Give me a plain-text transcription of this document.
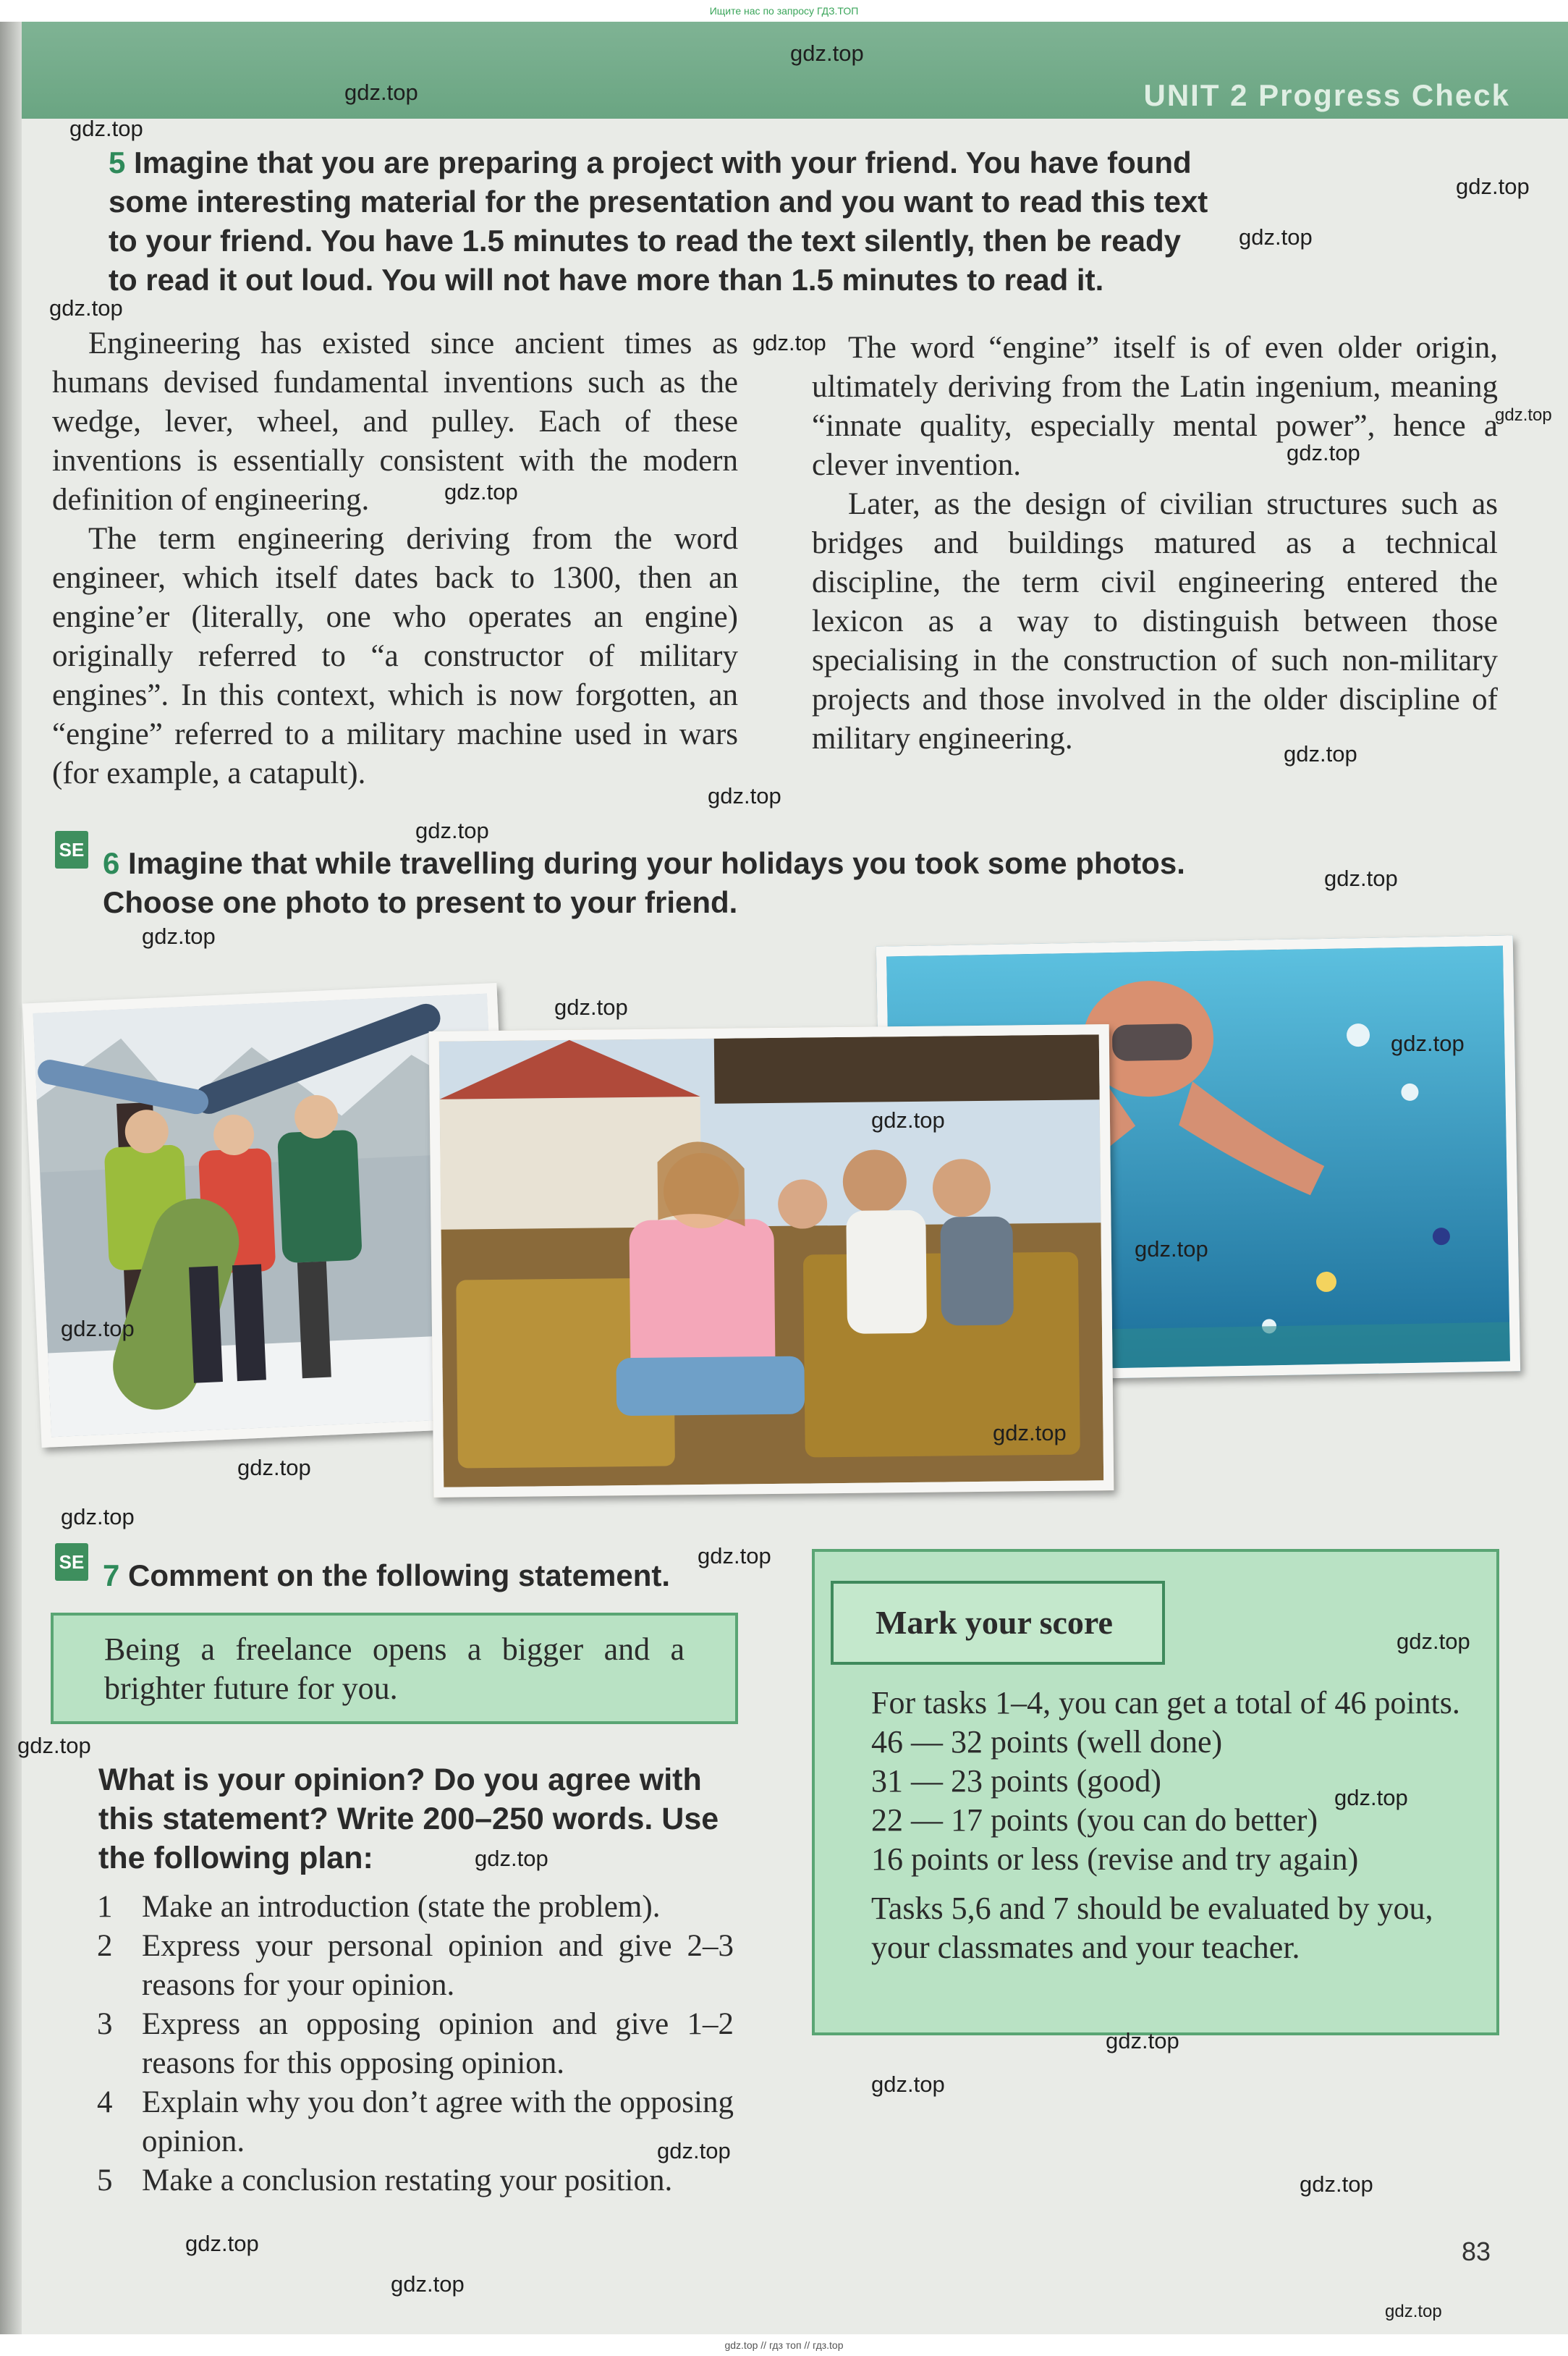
Ищите нас по запросу ГДЗ.ТОП
UNIT 2 Progress Check
5 Imagine that you are preparing a project with your friend. You have found some interesting material for the presentation and you want to read this text to your friend. You have 1.5 minutes to read the text silently, then be ready to read it out loud. You will not have more than 1.5 minutes to read it.

Engineering has existed since ancient times as humans devised fundamental inventions such as the wedge, lever, wheel, and pulley. Each of these inventions is essentially consistent with the modern definition of engineering.

The term engineering deriving from the word engineer, which itself dates back to 1300, then an engine’er (literally, one who operates an engine) originally referred to “a constructor of military engines”. In this context, which is now forgotten, an “engine” referred to a military machine used in wars (for example, a catapult).

The word “engine” itself is of even older origin, ultimately deriving from the Latin ingenium, meaning “innate quality, especially mental power”, hence a clever invention.

Later, as the design of civilian structures such as bridges and buildings matured as a technical discipline, the term civil engineering entered the lexicon as a way to distinguish between those specialising in the construction of such non-military projects and those involved in the older discipline of military engineering.

SE 6 Imagine that while travelling during your holidays you took some photos. Choose one photo to present to your friend.
SE 7 Comment on the following statement.
Being a freelance opens a bigger and a brighter future for you.
What is your opinion? Do you agree with this statement? Write 200–250 words. Use the following plan:
1 Make an introduction (state the problem).
2 Express your personal opinion and give 2–3 reasons for your opinion.
3 Express an opposing opinion and give 1–2 reasons for this opposing opinion.
4 Explain why you don’t agree with the opposing opinion.
5 Make a conclusion restating your position.
Mark your score
For tasks 1–4, you can get a total of 46 points.
46 — 32 points (well done)
31 — 23 points (good)
22 — 17 points (you can do better)
16 points or less (revise and try again)
Tasks 5,6 and 7 should be evaluated by you, your classmates and your teacher.
83
gdz.top
gdz.top
gdz.top
gdz.top
gdz.top
gdz.top
gdz.top
gdz.top
gdz.top
gdz.top
gdz.top
gdz.top
gdz.top
gdz.top
gdz.top
gdz.top
gdz.top
gdz.top
gdz.top
gdz.top
gdz.top
gdz.top
gdz.top
gdz.top
gdz.top
gdz.top
gdz.top
gdz.top
gdz.top
gdz.top
gdz.top
gdz.top
gdz.top
gdz.top
gdz.top
gdz.top // гдз топ // гдз.top
